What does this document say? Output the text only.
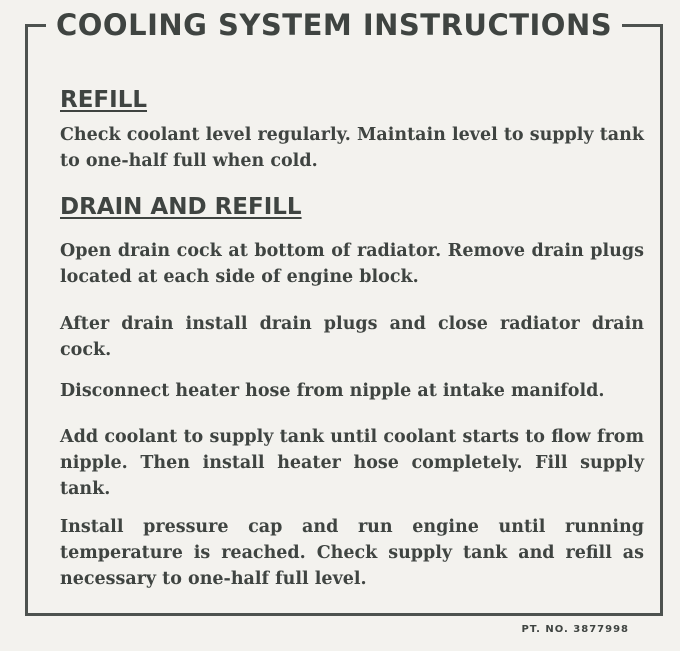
COOLING SYSTEM INSTRUCTIONS
REFILL
Check coolant level regularly. Maintain level to supply tank to one-half full when cold.
DRAIN AND REFILL
Open drain cock at bottom of radiator. Remove drain plugs located at each side of engine block.
After drain install drain plugs and close radiator drain cock.
Disconnect heater hose from nipple at intake manifold.
Add coolant to supply tank until coolant starts to flow from nipple. Then install heater hose completely. Fill supply tank.
Install pressure cap and run engine until running temperature is reached. Check supply tank and refill as necessary to one-half full level.
PT. NO. 3877998
